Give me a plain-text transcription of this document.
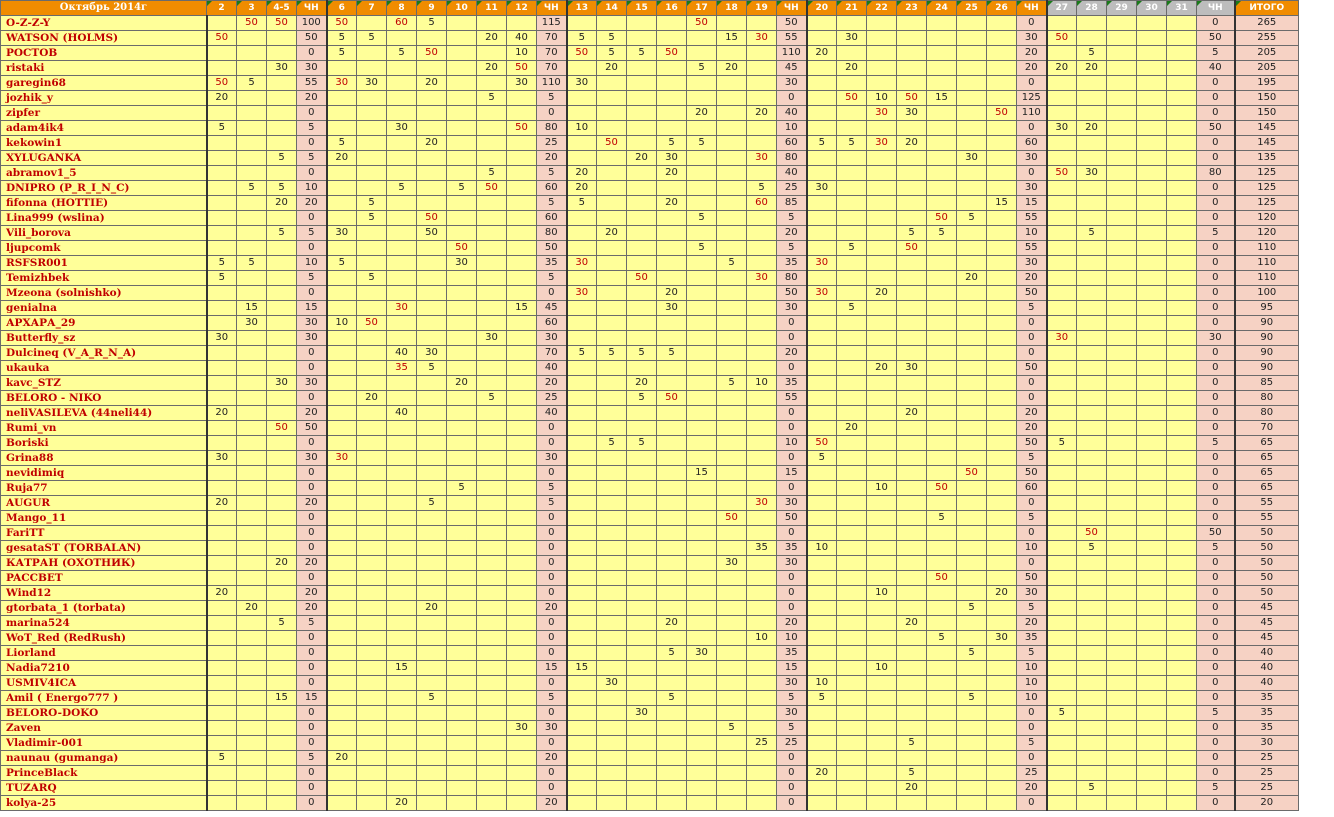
Октябрь 2014г	2	3	4-5	ЧН	6	7	8	9	10	11	12	ЧН	13	14	15	16	17	18	19	ЧН	20	21	22	23	24	25	26	ЧН	27	28	29	30	31	ЧН	ИТОГО
O-Z-Z-Y		50	50	100	50		60	5				115					50			50								0						0	265
WATSON (HOLMS)	50			50	5	5				20	40	70	5	5				15	30	55		30						30	50					50	255
РОСТОВ				0	5		5	50			10	70	50	5	5	50				110	20							20		5				5	205
ristaki			30	30						20	50	70		20			5	20		45		20						20	20	20				40	205
garegin68	50	5		55	30	30		20			30	110	30							30								0						0	195
jozhik_y	20			20						5		5								0		50	10	50	15			125						0	150
zipfer				0								0					20		20	40			30	30			50	110						0	150
adam4ik4	5			5			30				50	80	10							10								0	30	20				50	145
kekowin1				0	5			20				25		50		5	5			60	5	5	30	20				60						0	145
XYLUGANKA			5	5	20							20			20	30			30	80						30		30						0	135
abramov1_5				0						5		5	20			20				40								0	50	30				80	125
DNIPRO (P_R_I_N_C)		5	5	10			5		5	50		60	20						5	25	30							30						0	125
fifonna (HOTTIE)			20	20		5						5	5			20			60	85							15	15						0	125
Lina999 (wslina)				0		5		50				60					5			5					50	5		55						0	120
Vili_borova			5	5	30			50				80		20						20				5	5			10		5				5	120
ljupcomk				0					50			50					5			5		5		50				55						0	110
RSFSR001	5	5		10	5				30			35	30					5		35	30							30						0	110
Temizhbek	5			5		5						5			50				30	80						20		20						0	110
Mzeona (solnishko)				0								0	30			20				50	30		20					50						0	100
genialna		15		15			30				15	45				30				30		5						5						0	95
АРХАРА_29		30		30	10	50						60								0								0						0	90
Butterfly_sz	30			30						30		30								0								0	30					30	90
Dulcineq (V_A_R_N_A)				0			40	30				70	5	5	5	5				20								0						0	90
ukauka				0			35	5				40								0			20	30				50						0	90
kavc_STZ			30	30					20			20			20			5	10	35								0						0	85
BELORO - NIKO				0		20				5		25			5	50				55								0						0	80
neliVASILEVA (44neli44)	20			20			40					40								0				20				20						0	80
Rumi_vn			50	50								0								0		20						20						0	70
Boriski				0								0		5	5					10	50							50	5					5	65
Grina88	30			30	30							30								0	5							5						0	65
nevidimiq				0								0					15			15						50		50						0	65
Ruja77				0					5			5								0			10		50			60						0	65
AUGUR	20			20				5				5							30	30								0						0	55
Mango_11				0								0						50		50					5			5						0	55
FariTT				0								0								0								0		50				50	50
gesataST (TORBALAN)				0								0							35	35	10							10		5				5	50
КАТРАН (ОХОТНИК)			20	20								0						30		30								0						0	50
PACCBET				0								0								0					50			50						0	50
Wind12	20			20								0								0			10				20	30						0	50
gtorbata_1 (torbata)		20		20				20				20								0						5		5						0	45
marina524			5	5								0				20				20				20				20						0	45
WoT_Red (RedRush)				0								0							10	10					5		30	35						0	45
Liorland				0								0				5	30			35						5		5						0	40
Nadia7210				0			15					15	15							15			10					10						0	40
USMIV4ICA				0								0		30						30	10							10						0	40
Amil ( Energo777 )			15	15				5				5				5				5	5					5		10						0	35
BELORO-DOKO				0								0			30					30								0	5					5	35
Zaven				0							30	30						5		5								0						0	35
Vladimir-001				0								0							25	25				5				5						0	30
naunau (gumanga)	5			5	20							20								0								0						0	25
PrinceBlack				0								0								0	20			5				25						0	25
TUZARQ				0								0								0				20				20		5				5	25
kolya-25				0			20					20								0								0						0	20
